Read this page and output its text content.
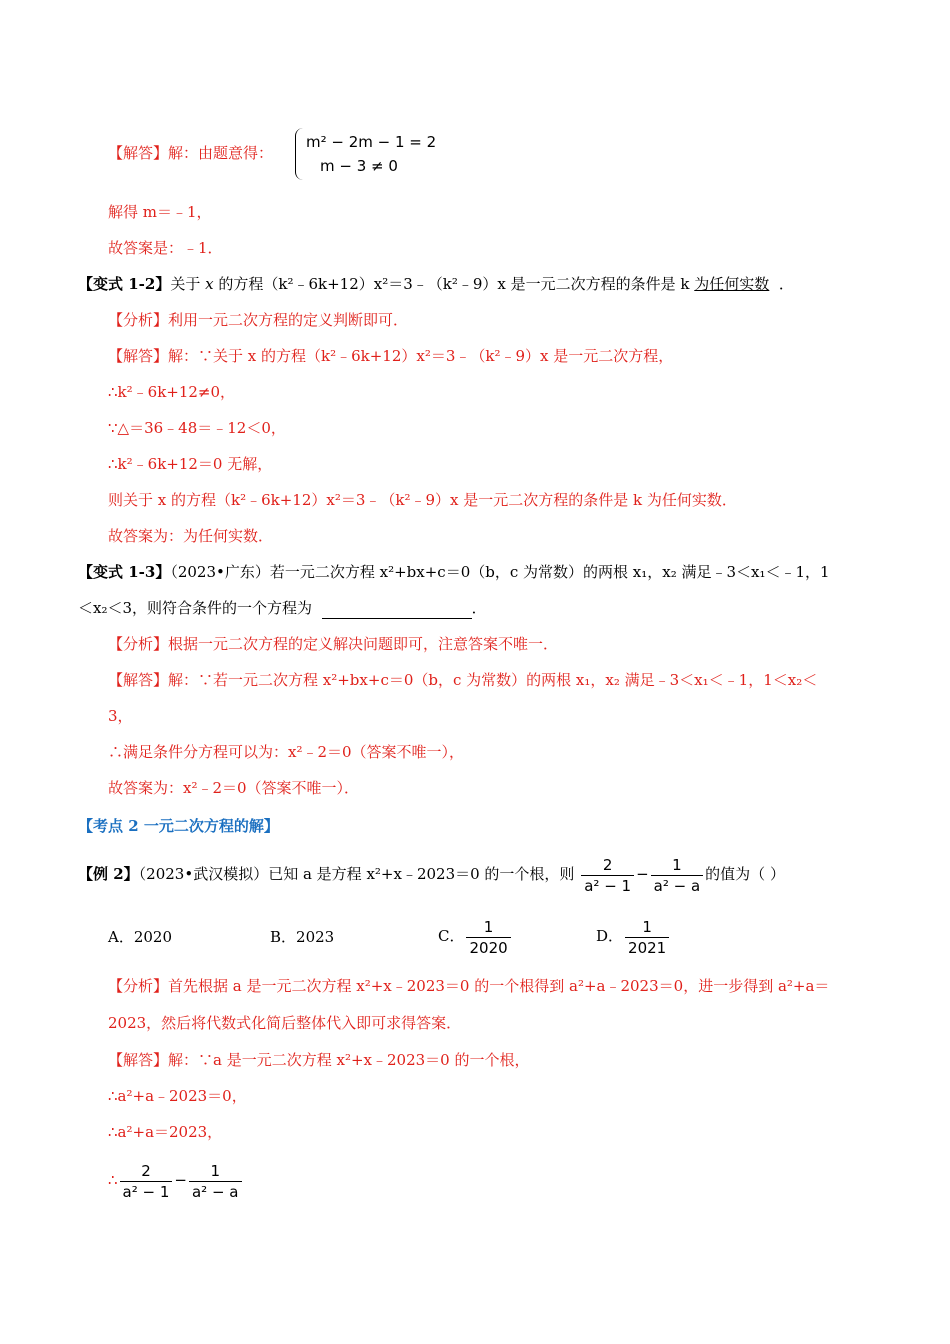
【解答】解：由题意得：
m² − 2m − 1 = 2
m − 3 ≠ 0
解得 m＝﹣1，
故答案是：﹣1．
【变式 1-2】关于 x 的方程（k²﹣6k+12）x²＝3﹣（k²﹣9）x 是一元二次方程的条件是 k 为任何实数  ．
【分析】利用一元二次方程的定义判断即可．
【解答】解：∵关于 x 的方程（k²﹣6k+12）x²＝3﹣（k²﹣9）x 是一元二次方程，
∴k²﹣6k+12≠0，
∵△＝36﹣48＝﹣12＜0，
∴k²﹣6k+12＝0 无解，
则关于 x 的方程（k²﹣6k+12）x²＝3﹣（k²﹣9）x 是一元二次方程的条件是 k 为任何实数．
故答案为：为任何实数．
【变式 1-3】（2023•广东）若一元二次方程 x²+bx+c＝0（b，c 为常数）的两根 x₁，x₂ 满足﹣3＜x₁＜﹣1，1
＜x₂＜3，则符合条件的一个方程为	．
【分析】根据一元二次方程的定义解决问题即可，注意答案不唯一．
【解答】解：∵若一元二次方程 x²+bx+c＝0（b，c 为常数）的两根 x₁，x₂ 满足﹣3＜x₁＜﹣1，1＜x₂＜
3，
∴满足条件分方程可以为：x²﹣2＝0（答案不唯一），
故答案为：x²﹣2＝0（答案不唯一）．
【考点 2 一元二次方程的解】
【例 2】（2023•武汉模拟）已知 a 是方程 x²+x﹣2023＝0 的一个根，则 $\frac{2}{\text{a² − 1}} - \frac{1}{\text{a² − a}}$ 的值为（ ）
A．2020	B．2023	C． $\frac{1}{2020}$	D． $\frac{1}{2021}$
【分析】首先根据 a 是一元二次方程 x²+x﹣2023＝0 的一个根得到 a²+a﹣2023＝0，进一步得到 a²+a＝
2023，然后将代数式化简后整体代入即可求得答案．
【解答】解：∵a 是一元二次方程 x²+x﹣2023＝0 的一个根，
∴a²+a﹣2023＝0，
∴a²+a＝2023，
∴ $\frac{2}{\text{a² − 1}} - \frac{1}{\text{a² − a}}$
